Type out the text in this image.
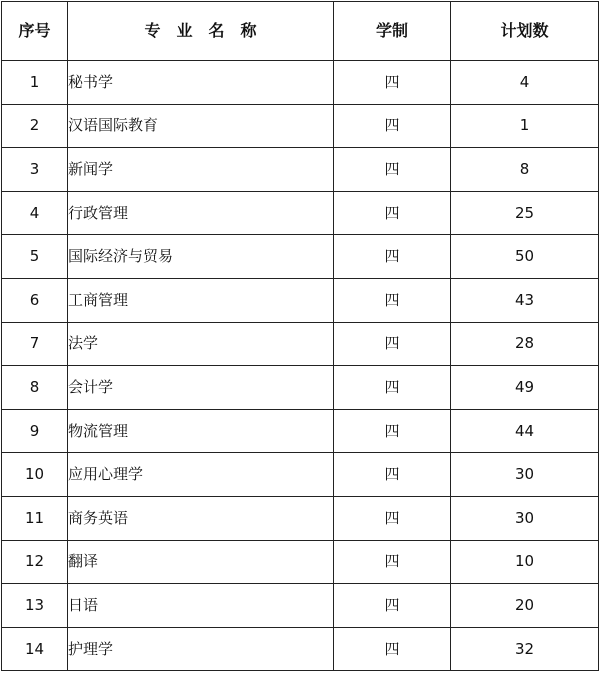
序号	专　业　名　称	学制	计划数
1	秘书学	四	4
2	汉语国际教育	四	1
3	新闻学	四	8
4	行政管理	四	25
5	国际经济与贸易	四	50
6	工商管理	四	43
7	法学	四	28
8	会计学	四	49
9	物流管理	四	44
10	应用心理学	四	30
11	商务英语	四	30
12	翻译	四	10
13	日语	四	20
14	护理学	四	32
